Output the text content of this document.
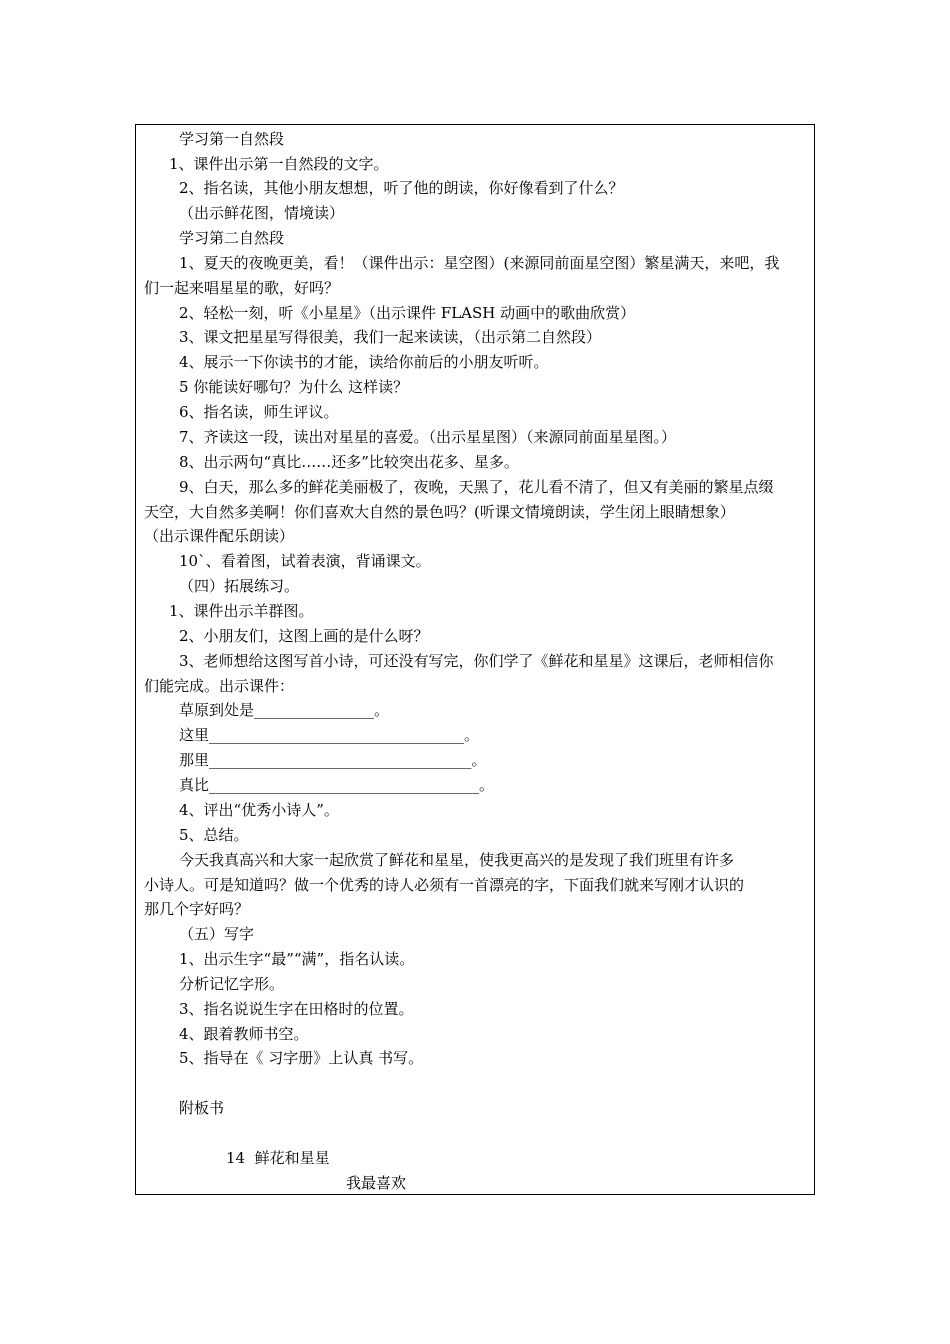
学习第一自然段
1、课件出示第一自然段的文字。
2、指名读，其他小朋友想想，听了他的朗读，你好像看到了什么？
（出示鲜花图，情境读）
学习第二自然段
1、夏天的夜晚更美，看！（课件出示：星空图）(来源同前面星空图）繁星满天，来吧，我
们一起来唱星星的歌，好吗？
2、轻松一刻，听《小星星》（出示课件 FLASH 动画中的歌曲欣赏）
3、课文把星星写得很美，我们一起来读读，（出示第二自然段）
4、展示一下你读书的才能，读给你前后的小朋友听听。
5 你能读好哪句？为什么 这样读？
6、指名读，师生评议。
7、齐读这一段，读出对星星的喜爱。（出示星星图）（来源同前面星星图。）
8、出示两句“真比……还多”比较突出花多、星多。
9、白天，那么多的鲜花美丽极了，夜晚，天黑了，花儿看不清了，但又有美丽的繁星点缀
天空，大自然多美啊！你们喜欢大自然的景色吗？(听课文情境朗读，学生闭上眼睛想象）
（出示课件配乐朗读）
10`、看着图，试着表演，背诵课文。
（四）拓展练习。
1、课件出示羊群图。
2、小朋友们，这图上画的是什么呀？
3、老师想给这图写首小诗，可还没有写完，你们学了《鲜花和星星》这课后，老师相信你
们能完成。出示课件：
草原到处是________________。
这里__________________________________。
那里___________________________________。
真比____________________________________。
4、评出“优秀小诗人”。
5、总结。
今天我真高兴和大家一起欣赏了鲜花和星星，使我更高兴的是发现了我们班里有许多
小诗人。可是知道吗？做一个优秀的诗人必须有一首漂亮的字，下面我们就来写刚才认识的
那几个字好吗？
（五）写字
1、出示生字“最”“满”，指名认读。
分析记忆字形。
3、指名说说生字在田格时的位置。
4、跟着教师书空。
5、指导在《 习字册》上认真 书写。
附板书
14  鲜花和星星
我最喜欢
